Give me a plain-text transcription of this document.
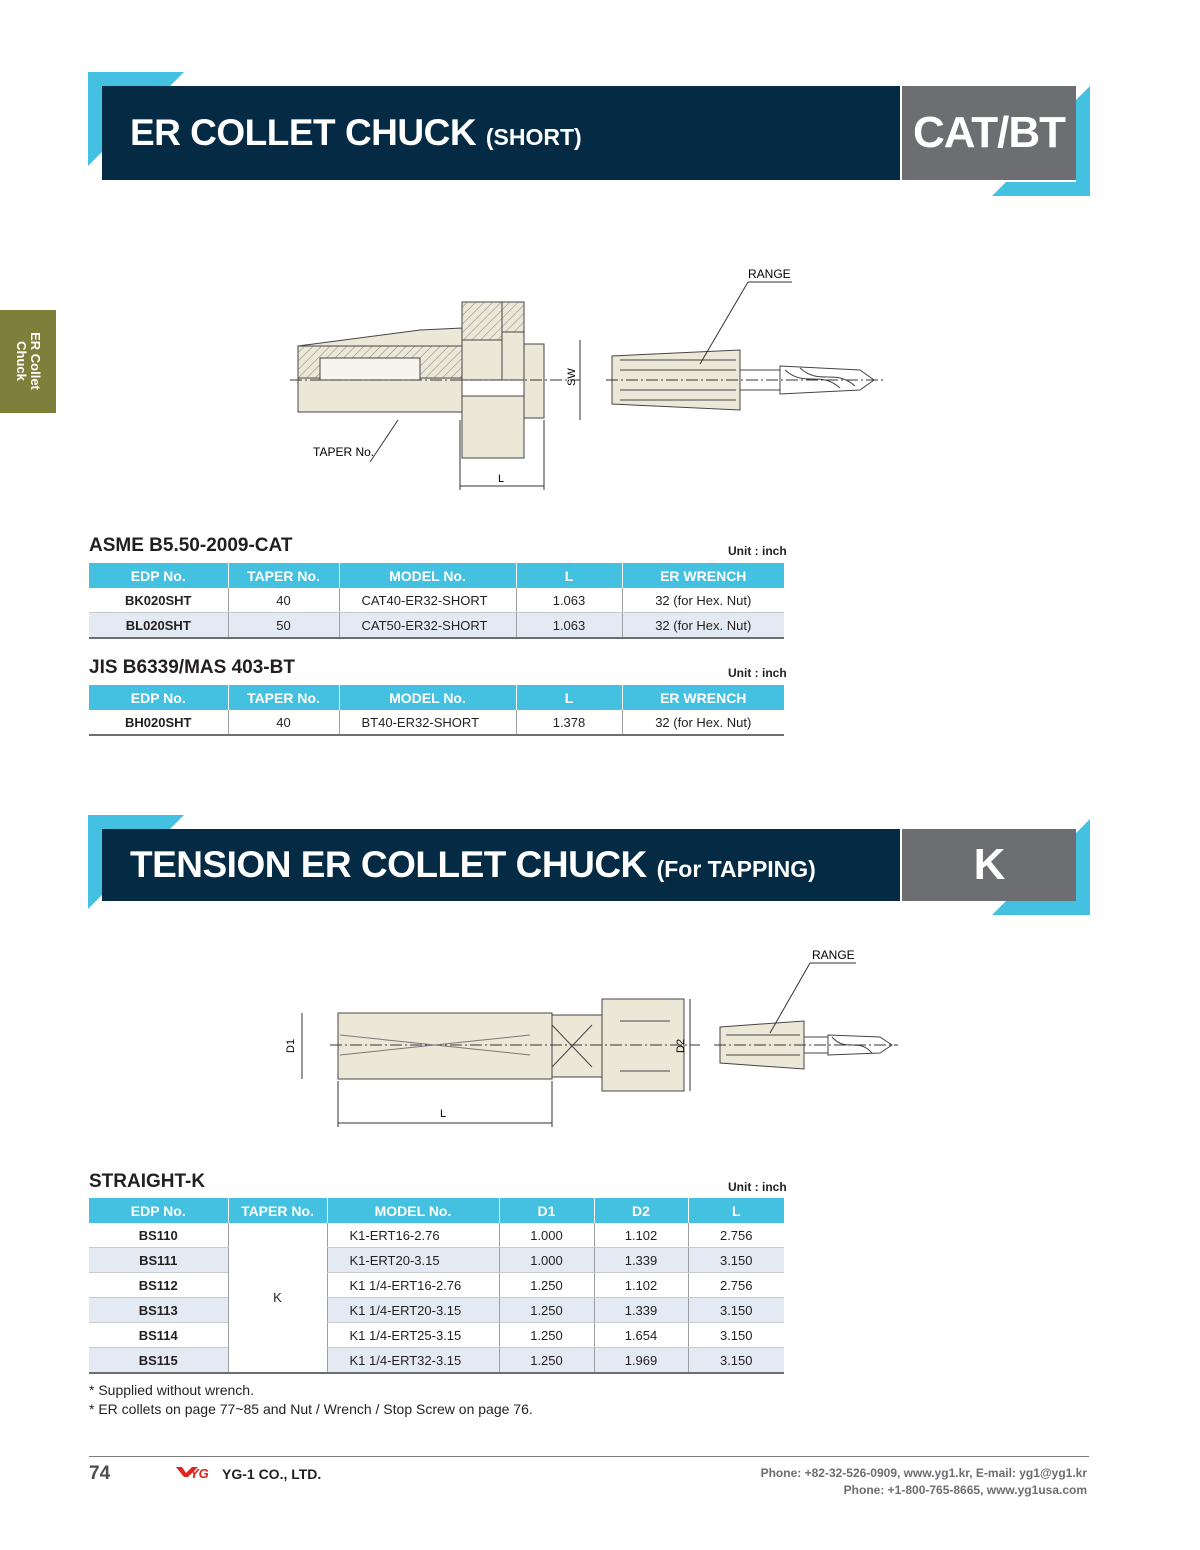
ER Collet
Chuck
ER COLLET CHUCK (SHORT)	CAT/BT
SW
L
TAPER No.
RANGE
ASME B5.50-2009-CAT	Unit : inch
EDP No.	TAPER No.	MODEL No.	L	ER WRENCH
BK020SHT	40	CAT40-ER32-SHORT	1.063	32 (for Hex. Nut)
BL020SHT	50	CAT50-ER32-SHORT	1.063	32 (for Hex. Nut)
JIS B6339/MAS 403-BT	Unit : inch
EDP No.	TAPER No.	MODEL No.	L	ER WRENCH
BH020SHT	40	BT40-ER32-SHORT	1.378	32 (for Hex. Nut)
TENSION ER COLLET CHUCK (For TAPPING)	K
D1	D2
L
RANGE
STRAIGHT-K	Unit : inch
EDP No.	TAPER No.	MODEL No.	D1	D2	L
BS110	K	K1-ERT16-2.76	1.000	1.102	2.756
BS111		K1-ERT20-3.15	1.000	1.339	3.150
BS112		K1 1/4-ERT16-2.76	1.250	1.102	2.756
BS113		K1 1/4-ERT20-3.15	1.250	1.339	3.150
BS114		K1 1/4-ERT25-3.15	1.250	1.654	3.150
BS115		K1 1/4-ERT32-3.15	1.250	1.969	3.150
* Supplied without wrench.
* ER collets on page 77~85 and Nut / Wrench / Stop Screw on page 76.
74	YG YG-1 CO., LTD.	Phone: +82-32-526-0909, www.yg1.kr, E-mail: yg1@yg1.kr
Phone: +1-800-765-8665, www.yg1usa.com
